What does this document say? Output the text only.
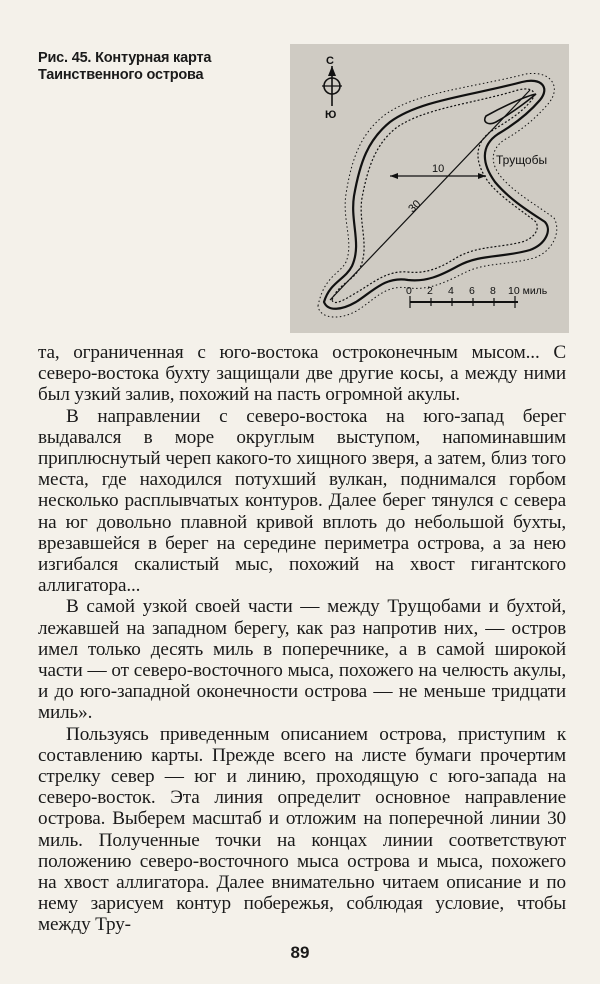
Рис. 45. Контурная карта Таинственного острова
С
Ю
10
30
Трущобы
0 2 4 6 8 10 миль

та, ограниченная с юго-востока остроконечным мысом... С северо-востока бухту защищали две другие косы, а между ними был узкий залив, похожий на пасть огромной акулы.

В направлении с северо-востока на юго-запад берег выдавался в море округлым выступом, напоминавшим приплюснутый череп какого-то хищного зверя, а затем, близ того места, где находился потухший вулкан, поднимался горбом несколько расплывчатых контуров. Далее берег тянулся с севера на юг довольно плавной кривой вплоть до небольшой бухты, врезавшейся в берег на середине периметра острова, а за нею изгибался скалистый мыс, похожий на хвост гигантского аллигатора...

В самой узкой своей части — между Трущобами и бухтой, лежавшей на западном берегу, как раз напротив них, — остров имел только десять миль в поперечнике, а в самой широкой части — от северо-восточного мыса, похожего на челюсть акулы, и до юго-западной оконечности острова — не меньше тридцати миль».

Пользуясь приведенным описанием острова, приступим к составлению карты. Прежде всего на листе бумаги прочертим стрелку север — юг и линию, проходящую с юго-запада на северо-восток. Эта линия определит основное направление острова. Выберем масштаб и отложим на поперечной линии 30 миль. Полученные точки на концах линии соответствуют положению северо-восточного мыса острова и мыса, похожего на хвост аллигатора. Далее внимательно читаем описание и по нему зарисуем контур побережья, соблюдая условие, чтобы между Тру-

89
